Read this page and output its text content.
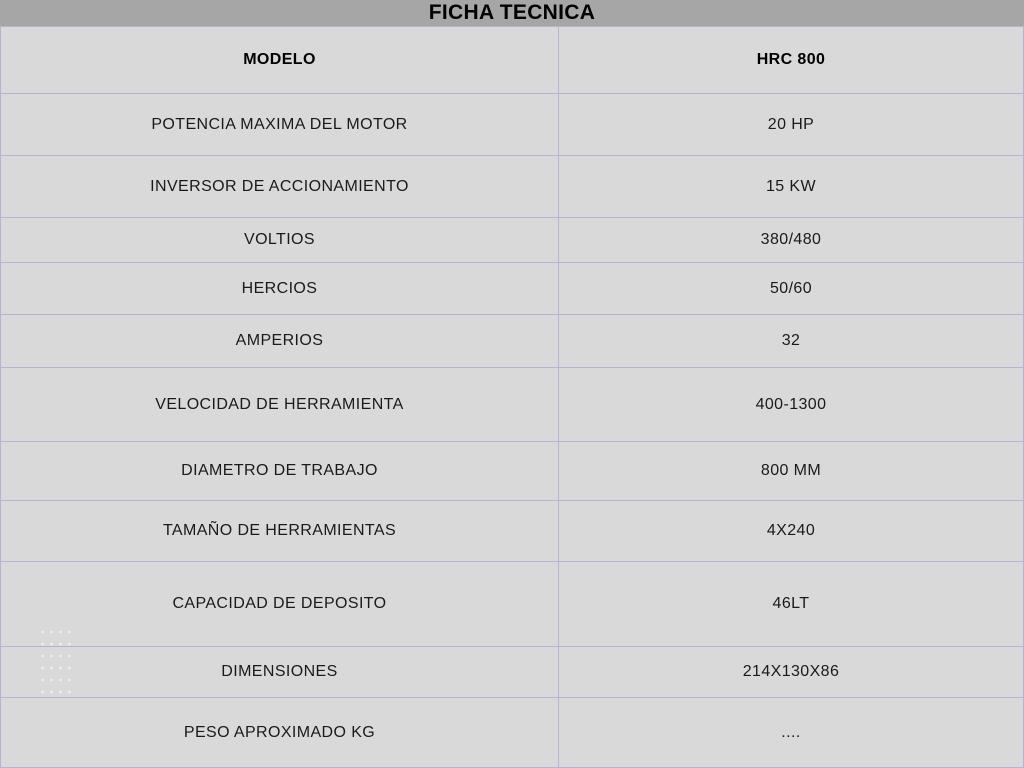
FICHA TECNICA
MODELO	HRC 800
POTENCIA MAXIMA DEL MOTOR	20 HP
INVERSOR DE ACCIONAMIENTO	15 KW
VOLTIOS	380/480
HERCIOS	50/60
AMPERIOS	32
VELOCIDAD DE HERRAMIENTA	400-1300
DIAMETRO DE TRABAJO	800 MM
TAMAÑO DE HERRAMIENTAS	4X240
CAPACIDAD DE DEPOSITO	46LT
DIMENSIONES	214X130X86
PESO APROXIMADO KG	....
